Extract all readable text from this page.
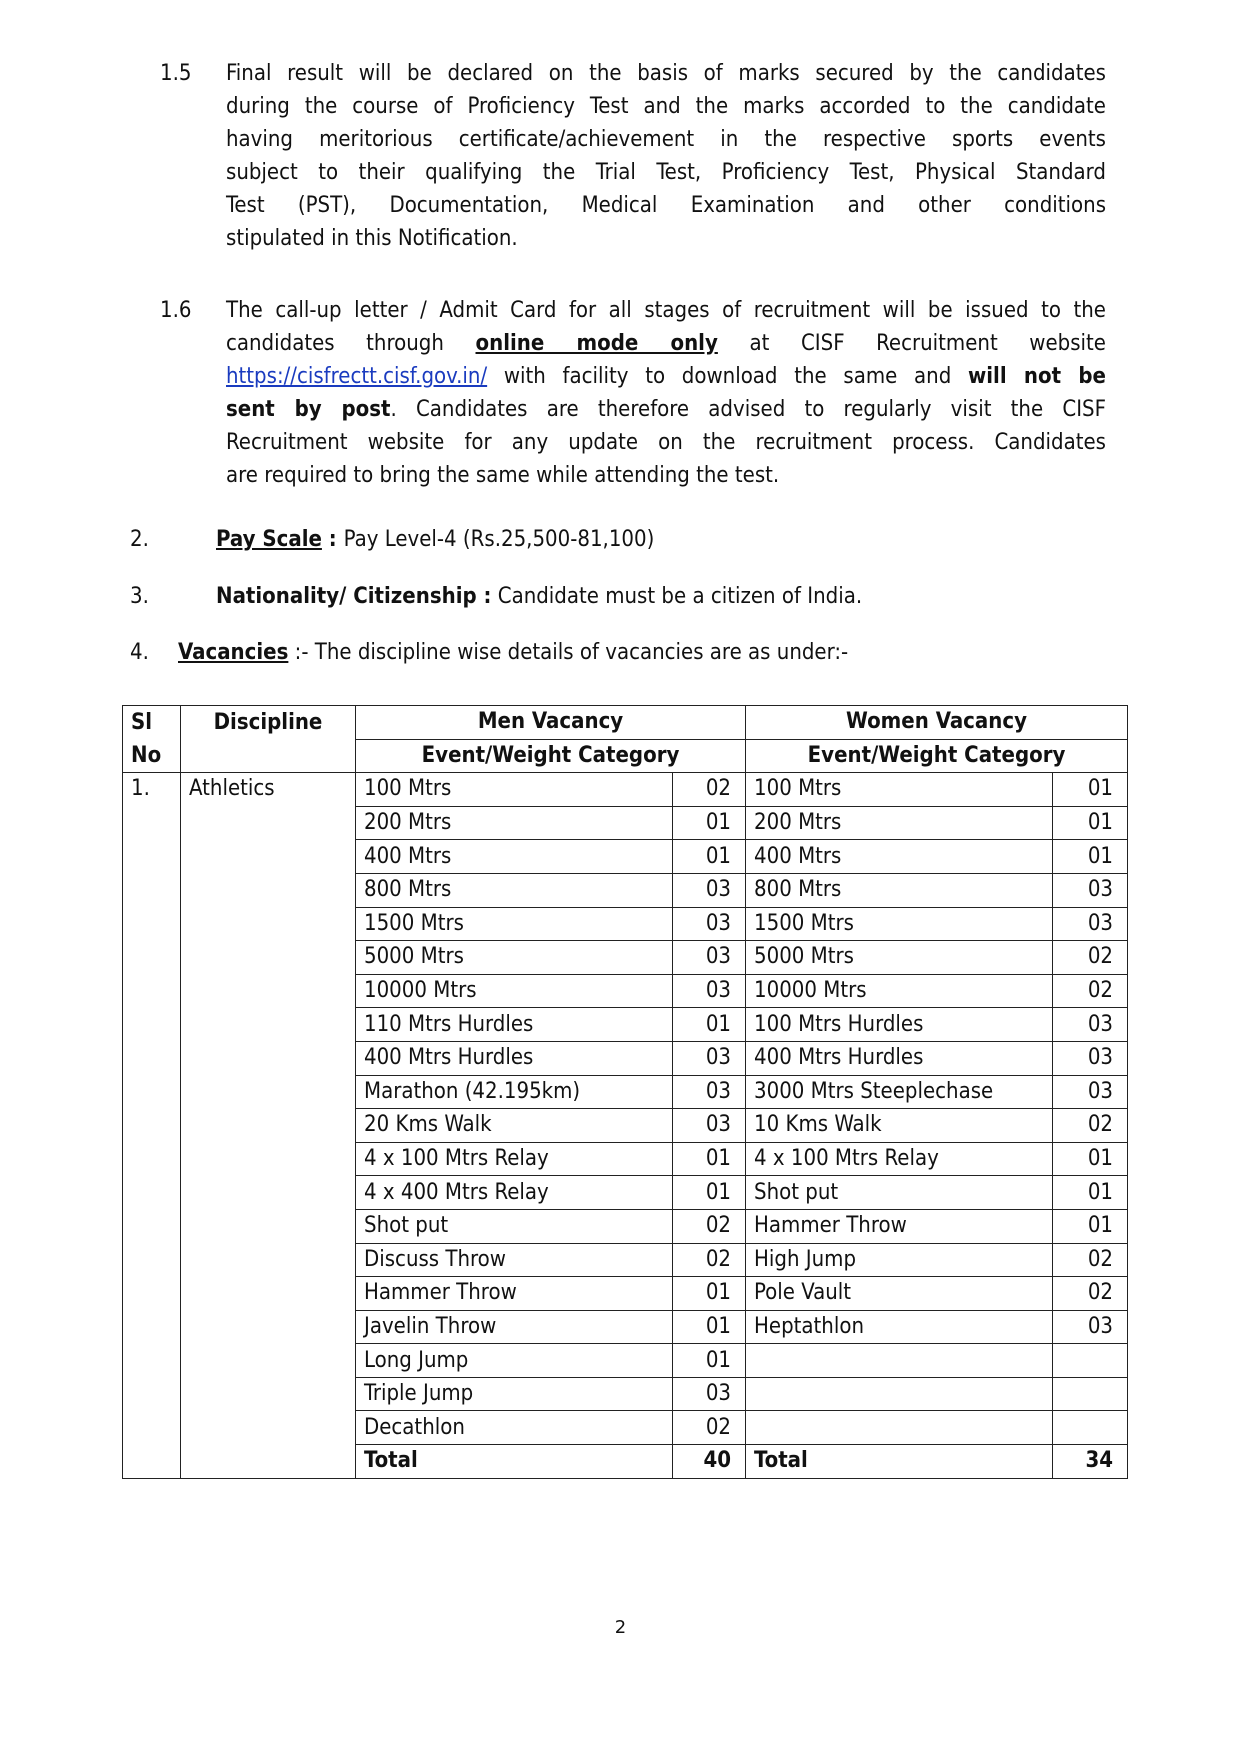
1.5 Final result will be declared on the basis of marks secured by the candidates
during the course of Proficiency Test and the marks accorded to the candidate
having meritorious certificate/achievement in the respective sports events
subject to their qualifying the Trial Test, Proficiency Test, Physical Standard
Test (PST), Documentation, Medical Examination and other conditions
stipulated in this Notification.
1.6 The call-up letter / Admit Card for all stages of recruitment will be issued to the
candidates through online mode only at CISF Recruitment website
https://cisfrectt.cisf.gov.in/ with facility to download the same and will not be
sent by post. Candidates are therefore advised to regularly visit the CISF
Recruitment website for any update on the recruitment process. Candidates
are required to bring the same while attending the test.
2.	Pay Scale : Pay Level-4 (Rs.25,500-81,100)
3.	Nationality/ Citizenship : Candidate must be a citizen of India.
4. Vacancies :- The discipline wise details of vacancies are as under:-
Sl	Discipline	Men Vacancy		Women Vacancy	
No		Event/Weight Category		Event/Weight Category	
1.	Athletics	100 Mtrs	02	100 Mtrs	01
		200 Mtrs	01	200 Mtrs	01
		400 Mtrs	01	400 Mtrs	01
		800 Mtrs	03	800 Mtrs	03
		1500 Mtrs	03	1500 Mtrs	03
		5000 Mtrs	03	5000 Mtrs	02
		10000 Mtrs	03	10000 Mtrs	02
		110 Mtrs Hurdles	01	100 Mtrs Hurdles	03
		400 Mtrs Hurdles	03	400 Mtrs Hurdles	03
		Marathon (42.195km)	03	3000 Mtrs Steeplechase	03
		20 Kms Walk	03	10 Kms Walk	02
		4 x 100 Mtrs Relay	01	4 x 100 Mtrs Relay	01
		4 x 400 Mtrs Relay	01	Shot put	01
		Shot put	02	Hammer Throw	01
		Discuss Throw	02	High Jump	02
		Hammer Throw	01	Pole Vault	02
		Javelin Throw	01	Heptathlon	03
		Long Jump	01		
		Triple Jump	03		
		Decathlon	02		
		Total	40	Total	34
2
